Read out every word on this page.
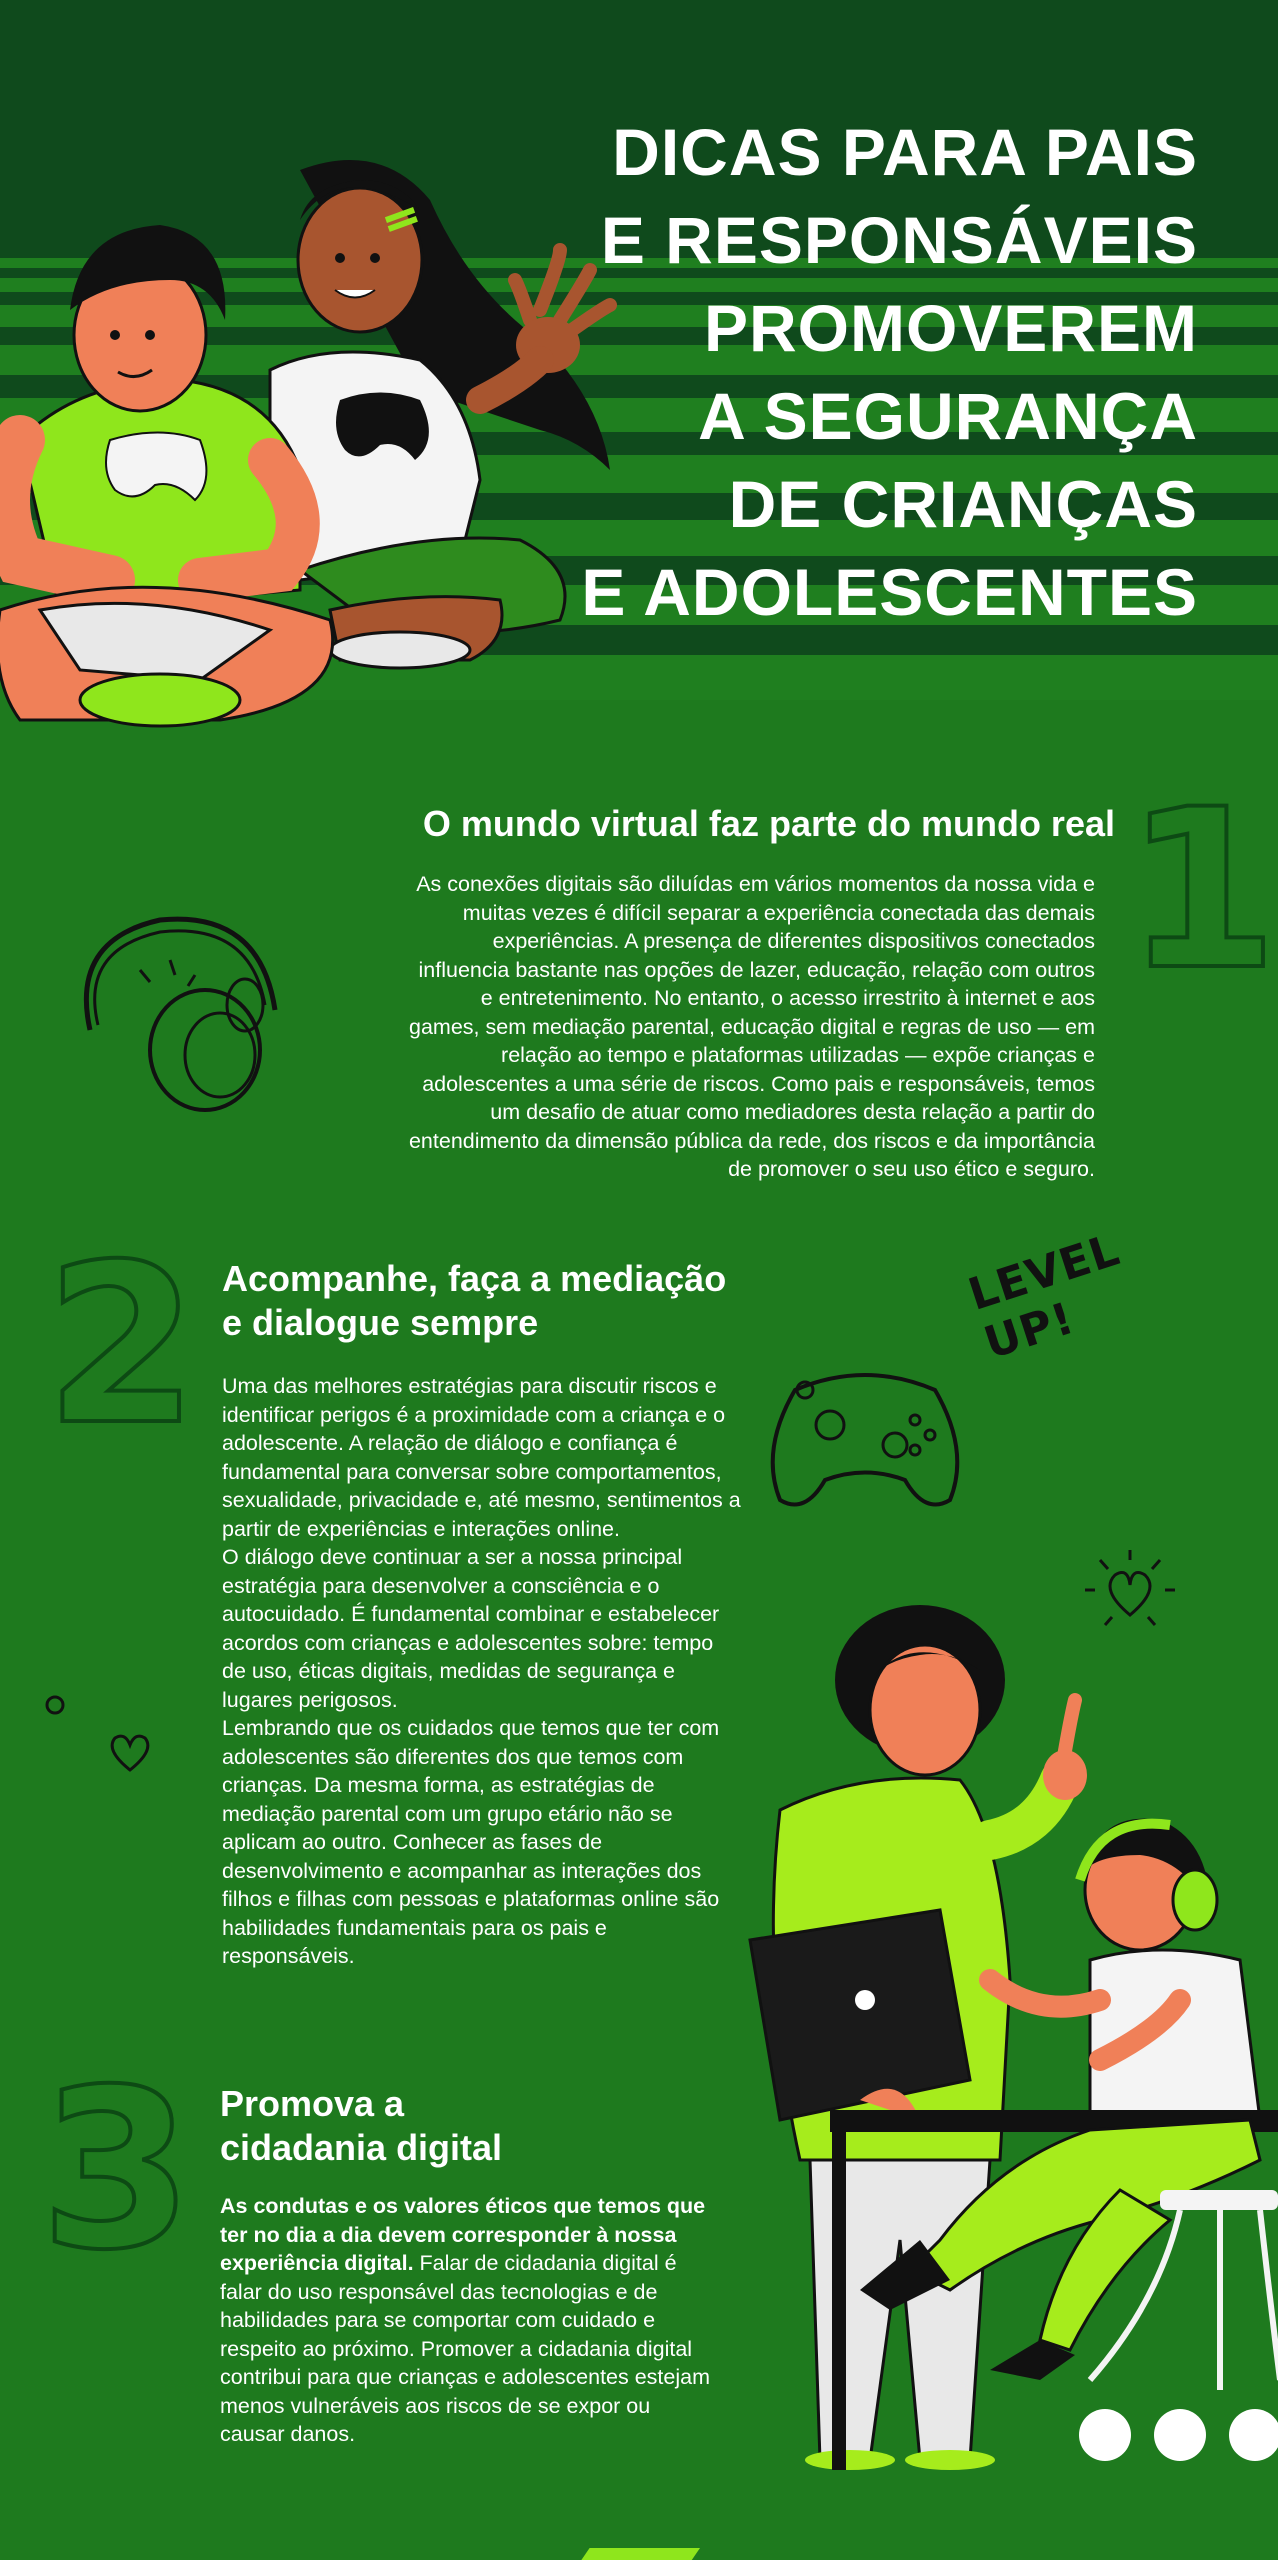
DICAS PARA PAIS
E RESPONSÁVEIS
PROMOVEREM
A SEGURANÇA
DE CRIANÇAS
E ADOLESCENTES
1
O mundo virtual faz parte do mundo real
As conexões digitais são diluídas em vários momentos da nossa vida e muitas vezes é difícil separar a experiência conectada das demais experiências. A presença de diferentes dispositivos conectados influencia bastante nas opções de lazer, educação, relação com outros e entretenimento. No entanto, o acesso irrestrito à internet e aos games, sem mediação parental, educação digital e regras de uso — em relação ao tempo e plataformas utilizadas — expõe crianças e adolescentes a uma série de riscos. Como pais e responsáveis, temos um desafio de atuar como mediadores desta relação a partir do entendimento da dimensão pública da rede, dos riscos e da importância de promover o seu uso ético e seguro.
2 Acompanhe, faça a mediação
e dialogue sempre

Uma das melhores estratégias para discutir riscos e identificar perigos é a proximidade com a criança e o adolescente. A relação de diálogo e confiança é fundamental para conversar sobre comportamentos, sexualidade, privacidade e, até mesmo, sentimentos a partir de experiências e interações online.

O diálogo deve continuar a ser a nossa principal estratégia para desenvolver a consciência e o autocuidado. É fundamental combinar e estabelecer acordos com crianças e adolescentes sobre: tempo de uso, éticas digitais, medidas de segurança e lugares perigosos.

Lembrando que os cuidados que temos que ter com adolescentes são diferentes dos que temos com crianças. Da mesma forma, as estratégias de mediação parental com um grupo etário não se aplicam ao outro. Conhecer as fases de desenvolvimento e acompanhar as interações dos filhos e filhas com pessoas e plataformas online são habilidades fundamentais para os pais e responsáveis.

LEVEL UP!
3 Promova a
cidadania digital
As condutas e os valores éticos que temos que ter no dia a dia devem corresponder à nossa experiência digital. Falar de cidadania digital é falar do uso responsável das tecnologias e de habilidades para se comportar com cuidado e respeito ao próximo. Promover a cidadania digital contribui para que crianças e adolescentes estejam menos vulneráveis aos riscos de se expor ou causar danos.
